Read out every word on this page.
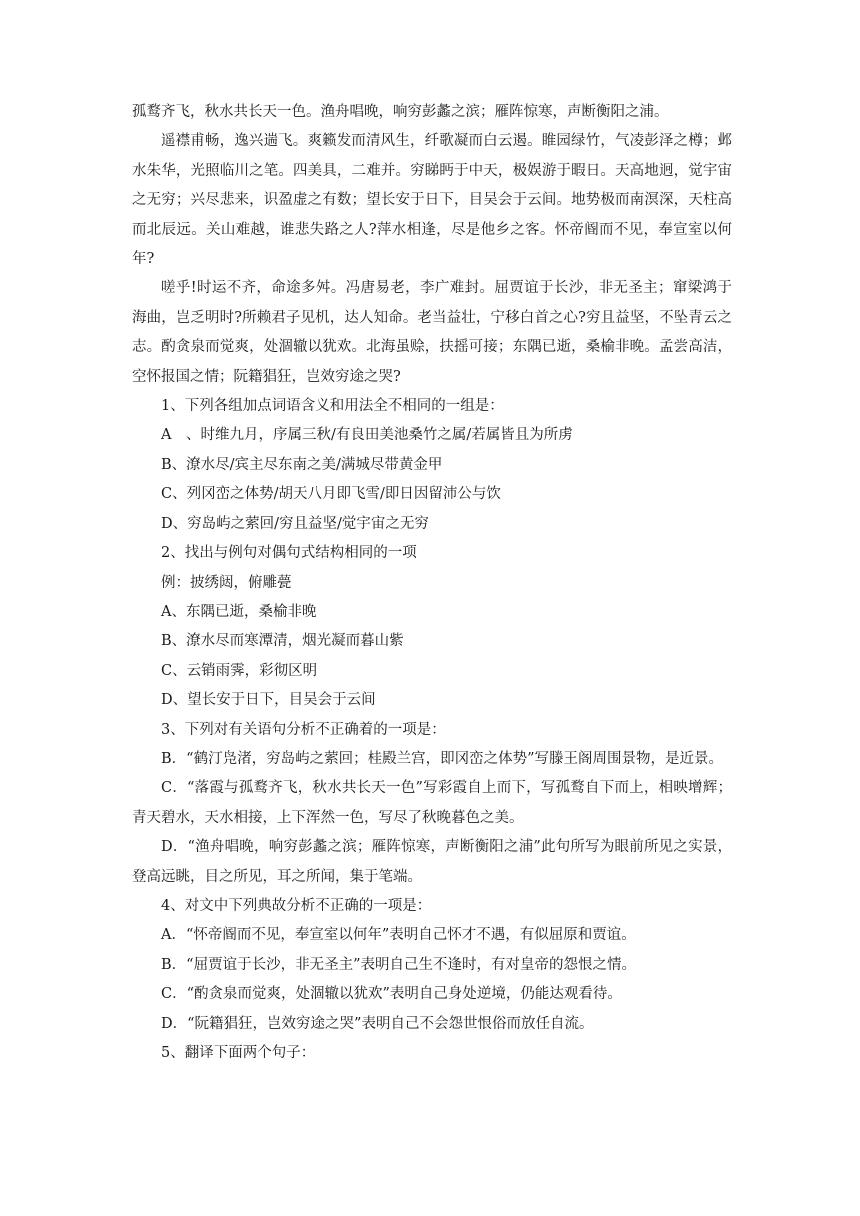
孤鹜齐飞，秋水共长天一色。渔舟唱晚，响穷彭蠡之滨；雁阵惊寒，声断衡阳之浦。

遥襟甫畅，逸兴遄飞。爽籁发而清风生，纤歌凝而白云遏。睢园绿竹，气凌彭泽之樽；邺水朱华，光照临川之笔。四美具，二难并。穷睇眄于中天，极娱游于暇日。天高地迥，觉宇宙之无穷；兴尽悲来，识盈虚之有数；望长安于日下，目吴会于云间。地势极而南溟深，天柱高而北辰远。关山难越，谁悲失路之人?萍水相逢，尽是他乡之客。怀帝阍而不见，奉宣室以何年?

嗟乎!时运不齐，命途多舛。冯唐易老，李广难封。屈贾谊于长沙，非无圣主；窜梁鸿于海曲，岂乏明时?所赖君子见机，达人知命。老当益壮，宁移白首之心?穷且益坚，不坠青云之志。酌贪泉而觉爽，处涸辙以犹欢。北海虽赊，扶摇可接；东隅已逝，桑榆非晚。孟尝高洁，空怀报国之情；阮籍猖狂，岂效穷途之哭?

1、下列各组加点词语含义和用法全不相同的一组是：

A　、时维九月，序属三秋/有良田美池桑竹之属/若属皆且为所虏

B、潦水尽/宾主尽东南之美/满城尽带黄金甲

C、列冈峦之体势/胡天八月即飞雪/即日因留沛公与饮

D、穷岛屿之萦回/穷且益坚/觉宇宙之无穷

2、找出与例句对偶句式结构相同的一项

例：披绣闼，俯雕甍

A、东隅已逝，桑榆非晚

B、潦水尽而寒潭清，烟光凝而暮山紫

C、云销雨霁，彩彻区明

D、望长安于日下，目吴会于云间

3、下列对有关语句分析不正确着的一项是：

B．“鹤汀凫渚，穷岛屿之萦回；桂殿兰宫，即冈峦之体势”写滕王阁周围景物，是近景。

C．“落霞与孤鹜齐飞，秋水共长天一色”写彩霞自上而下，写孤鹜自下而上，相映增辉；青天碧水，天水相接，上下浑然一色，写尽了秋晚暮色之美。

D．“渔舟唱晚，响穷彭蠡之滨；雁阵惊寒，声断衡阳之浦”此句所写为眼前所见之实景，登高远眺，目之所见，耳之所闻，集于笔端。

4、对文中下列典故分析不正确的一项是：

A．“怀帝阍而不见，奉宣室以何年”表明自己怀才不遇，有似屈原和贾谊。

B．“屈贾谊于长沙，非无圣主”表明自己生不逢时，有对皇帝的怨恨之情。

C．“酌贪泉而觉爽，处涸辙以犹欢”表明自己身处逆境，仍能达观看待。

D．“阮籍猖狂，岂效穷途之哭”表明自己不会怨世恨俗而放任自流。

5、翻译下面两个句子：
